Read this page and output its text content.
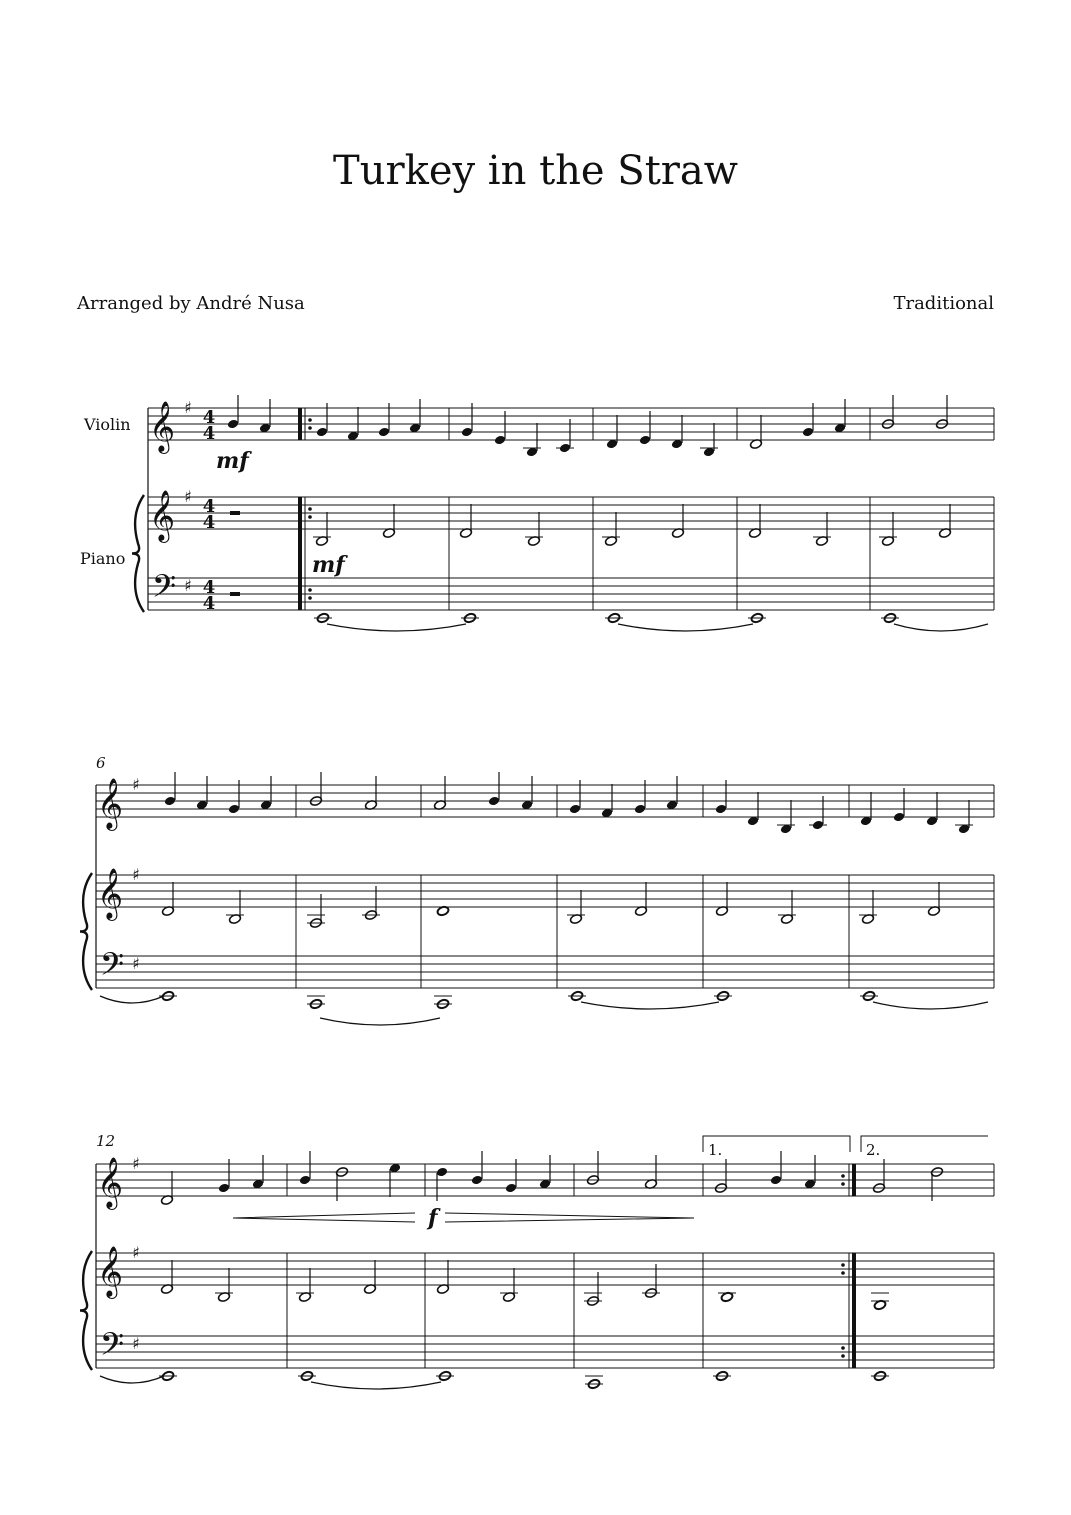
Turkey in the Straw
Arranged by André Nusa	Traditional
Violin
Piano
6
12
mf
mf
f
1.	2.
𝄞
𝄞
𝄢
♯
♯
♯
4
4
4
4
4
4
𝄞
𝄞
𝄢
♯
♯
♯
𝄞
𝄞
𝄢
♯
♯
♯
